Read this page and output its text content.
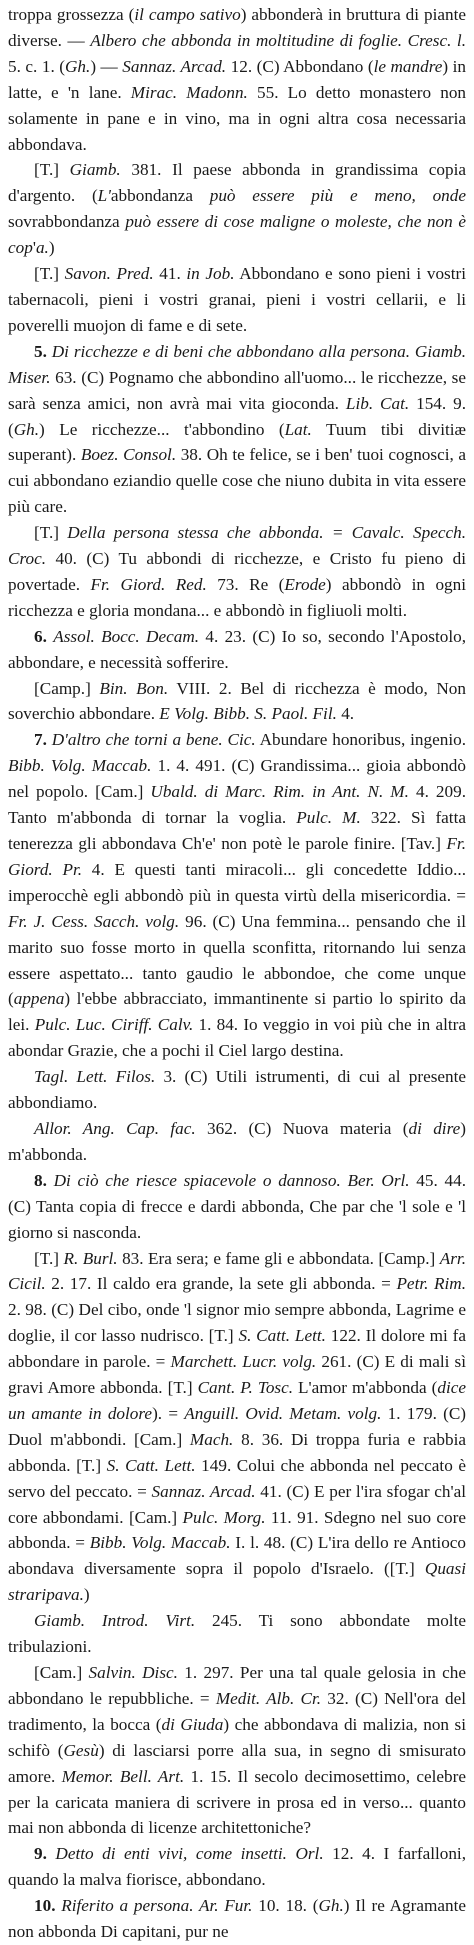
troppa grossezza (il campo sativo) abbonderà in bruttura di piante diverse. — Albero che abbonda in moltitudine di foglie. Cresc. l. 5. c. 1. (Gh.) — Sannaz. Arcad. 12. (C) Abbondano (le mandre) in latte, e 'n lane. Mirac. Madonn. 55. Lo detto monastero non solamente in pane e in vino, ma in ogni altra cosa necessaria abbondava.

[T.] Giamb. 381. Il paese abbonda in grandissima copia d'argento. (L'abbondanza può essere più e meno, onde sovrabbondanza può essere di cose maligne o moleste, che non è cop'a.)

[T.] Savon. Pred. 41. in Job. Abbondano e sono pieni i vostri tabernacoli, pieni i vostri granai, pieni i vostri cellarii, e li poverelli muojon di fame e di sete.

5. Di ricchezze e di beni che abbondano alla persona. Giamb. Miser. 63. (C) Pognamo che abbondino all'uomo... le ricchezze, se sarà senza amici, non avrà mai vita gioconda. Lib. Cat. 154. 9. (Gh.) Le ricchezze... t'abbondino (Lat. Tuum tibi divitiæ superant). Boez. Consol. 38. Oh te felice, se i ben' tuoi cognosci, a cui abbondano eziandio quelle cose che niuno dubita in vita essere più care.

[T.] Della persona stessa che abbonda. = Cavalc. Specch. Croc. 40. (C) Tu abbondi di ricchezze, e Cristo fu pieno di povertade. Fr. Giord. Red. 73. Re (Erode) abbondò in ogni ricchezza e gloria mondana... e abbondò in figliuoli molti.

6. Assol. Bocc. Decam. 4. 23. (C) Io so, secondo l'Apostolo, abbondare, e necessità sofferire.

[Camp.] Bin. Bon. VIII. 2. Bel di ricchezza è modo, Non soverchio abbondare. E Volg. Bibb. S. Paol. Fil. 4.

7. D'altro che torni a bene. Cic. Abundare honoribus, ingenio. Bibb. Volg. Maccab. 1. 4. 491. (C) Grandissima... gioia abbondò nel popolo. [Cam.] Ubald. di Marc. Rim. in Ant. N. M. 4. 209. Tanto m'abbonda di tornar la voglia. Pulc. M. 322. Sì fatta tenerezza gli abbondava Ch'e' non potè le parole finire. [Tav.] Fr. Giord. Pr. 4. E questi tanti miracoli... gli concedette Iddio... imperocchè egli abbondò più in questa virtù della misericordia. = Fr. J. Cess. Sacch. volg. 96. (C) Una femmina... pensando che il marito suo fosse morto in quella sconfitta, ritornando lui senza essere aspettato... tanto gaudio le abbondoe, che come unque (appena) l'ebbe abbracciato, immantinente si partio lo spirito da lei. Pulc. Luc. Ciriff. Calv. 1. 84. Io veggio in voi più che in altra abondar Grazie, che a pochi il Ciel largo destina.

Tagl. Lett. Filos. 3. (C) Utili istrumenti, di cui al presente abbondiamo.

Allor. Ang. Cap. fac. 362. (C) Nuova materia (di dire) m'abbonda.

8. Di ciò che riesce spiacevole o dannoso. Ber. Orl. 45. 44. (C) Tanta copia di frecce e dardi abbonda, Che par che 'l sole e 'l giorno si nasconda.

[T.] R. Burl. 83. Era sera; e fame gli e abbondata. [Camp.] Arr. Cicil. 2. 17. Il caldo era grande, la sete gli abbonda. = Petr. Rim. 2. 98. (C) Del cibo, onde 'l signor mio sempre abbonda, Lagrime e doglie, il cor lasso nudrisco. [T.] S. Catt. Lett. 122. Il dolore mi fa abbondare in parole. = Marchett. Lucr. volg. 261. (C) E di mali sì gravi Amore abbonda. [T.] Cant. P. Tosc. L'amor m'abbonda (dice un amante in dolore). = Anguill. Ovid. Metam. volg. 1. 179. (C) Duol m'abbondi. [Cam.] Mach. 8. 36. Di troppa furia e rabbia abbonda. [T.] S. Catt. Lett. 149. Colui che abbonda nel peccato è servo del peccato. = Sannaz. Arcad. 41. (C) E per l'ira sfogar ch'al core abbondami. [Cam.] Pulc. Morg. 11. 91. Sdegno nel suo core abbonda. = Bibb. Volg. Maccab. I. l. 48. (C) L'ira dello re Antioco abondava diversamente sopra il popolo d'Israelo. ([T.] Quasi straripava.)

Giamb. Introd. Virt. 245. Ti sono abbondate molte tribulazioni.

[Cam.] Salvin. Disc. 1. 297. Per una tal quale gelosia in che abbondano le repubbliche. = Medit. Alb. Cr. 32. (C) Nell'ora del tradimento, la bocca (di Giuda) che abbondava di malizia, non si schifò (Gesù) di lasciarsi porre alla sua, in segno di smisurato amore. Memor. Bell. Art. 1. 15. Il secolo decimosettimo, celebre per la caricata maniera di scrivere in prosa ed in verso... quanto mai non abbonda di licenze architettoniche?

9. Detto di enti vivi, come insetti. Orl. 12. 4. I farfalloni, quando la malva fiorisce, abbondano.

10. Riferito a persona. Ar. Fur. 10. 18. (Gh.) Il re Agramante non abbonda Di capitani, pur ne
